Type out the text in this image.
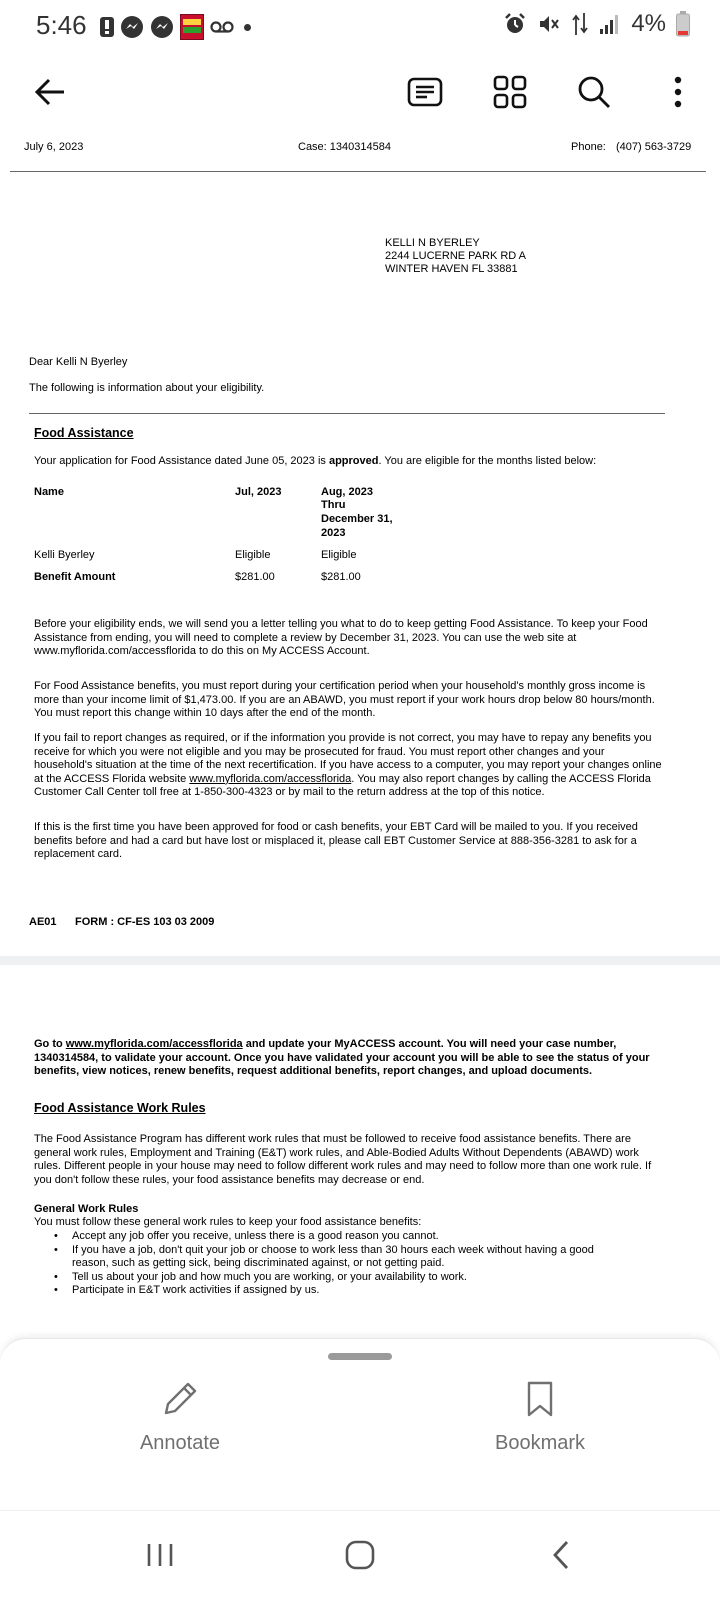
5:46	4%
July 6, 2023	Case: 1340314584	Phone: (407) 563-3729
KELLI N BYERLEY
2244 LUCERNE PARK RD A
WINTER HAVEN FL 33881
Dear Kelli N Byerley
The following is information about your eligibility.
Food Assistance
Your application for Food Assistance dated June 05, 2023 is approved. You are eligible for the months listed below:
Name	Jul, 2023	Aug, 2023
Thru
December 31,
2023
Kelli Byerley	Eligible	Eligible
Benefit Amount	$281.00	$281.00
Before your eligibility ends, we will send you a letter telling you what to do to keep getting Food Assistance. To keep your Food Assistance from ending, you will need to complete a review by December 31, 2023. You can use the web site at www.myflorida.com/accessflorida to do this on My ACCESS Account.
For Food Assistance benefits, you must report during your certification period when your household's monthly gross income is more than your income limit of $1,473.00. If you are an ABAWD, you must report if your work hours drop below 80 hours/month. You must report this change within 10 days after the end of the month.
If you fail to report changes as required, or if the information you provide is not correct, you may have to repay any benefits you receive for which you were not eligible and you may be prosecuted for fraud. You must report other changes and your household's situation at the time of the next recertification. If you have access to a computer, you may report your changes online at the ACCESS Florida website www.myflorida.com/accessflorida. You may also report changes by calling the ACCESS Florida Customer Call Center toll free at 1-850-300-4323 or by mail to the return address at the top of this notice.
If this is the first time you have been approved for food or cash benefits, your EBT Card will be mailed to you. If you received benefits before and had a card but have lost or misplaced it, please call EBT Customer Service at 888-356-3281 to ask for a replacement card.
AE01 FORM : CF-ES 103 03 2009
Go to www.myflorida.com/accessflorida and update your MyACCESS account. You will need your case number, 1340314584, to validate your account. Once you have validated your account you will be able to see the status of your benefits, view notices, renew benefits, request additional benefits, report changes, and upload documents.
Food Assistance Work Rules
The Food Assistance Program has different work rules that must be followed to receive food assistance benefits. There are general work rules, Employment and Training (E&T) work rules, and Able-Bodied Adults Without Dependents (ABAWD) work rules. Different people in your house may need to follow different work rules and may need to follow more than one work rule. If you don't follow these rules, your food assistance benefits may decrease or end.
General Work Rules
You must follow these general work rules to keep your food assistance benefits:
• Accept any job offer you receive, unless there is a good reason you cannot.
• If you have a job, don't quit your job or choose to work less than 30 hours each week without having a good reason, such as getting sick, being discriminated against, or not getting paid.
• Tell us about your job and how much you are working, or your availability to work.
• Participate in E&T work activities if assigned by us.
Annotate	Bookmark
